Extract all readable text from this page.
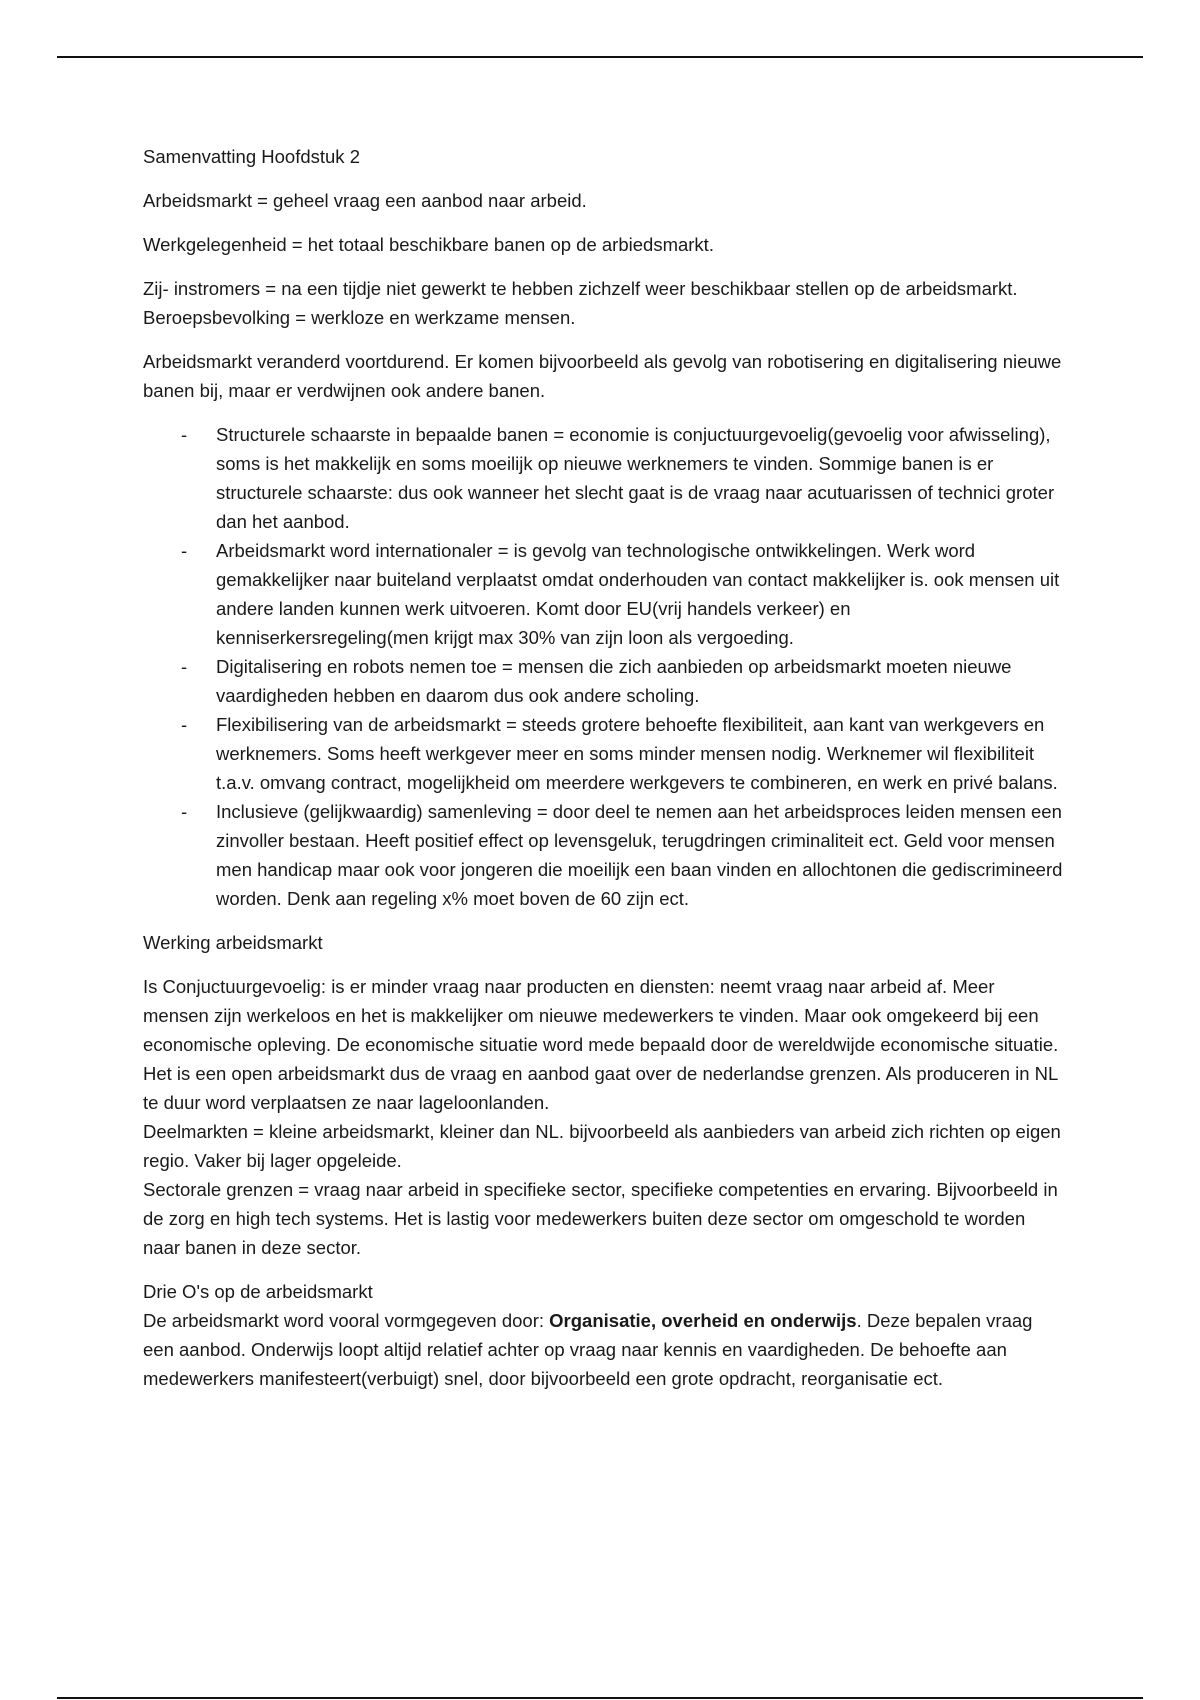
Samenvatting Hoofdstuk 2

Arbeidsmarkt = geheel vraag een aanbod naar arbeid.

Werkgelegenheid = het totaal beschikbare banen op de arbiedsmarkt.

Zij- instromers = na een tijdje niet gewerkt te hebben zichzelf weer beschikbaar stellen op de arbeidsmarkt.
Beroepsbevolking = werkloze en werkzame mensen.

Arbeidsmarkt veranderd voortdurend. Er komen bijvoorbeeld als gevolg van robotisering en digitalisering nieuwe banen bij, maar er verdwijnen ook andere banen.

- Structurele schaarste in bepaalde banen = economie is conjuctuurgevoelig(gevoelig voor afwisseling), soms is het makkelijk en soms moeilijk op nieuwe werknemers te vinden. Sommige banen is er structurele schaarste: dus ook wanneer het slecht gaat is de vraag naar acutuarissen of technici groter dan het aanbod.
- Arbeidsmarkt word internationaler = is gevolg van technologische ontwikkelingen. Werk word gemakkelijker naar buiteland verplaatst omdat onderhouden van contact makkelijker is. ook mensen uit andere landen kunnen werk uitvoeren. Komt door EU(vrij handels verkeer) en kenniserkersregeling(men krijgt max 30% van zijn loon als vergoeding.
- Digitalisering en robots nemen toe = mensen die zich aanbieden op arbeidsmarkt moeten nieuwe vaardigheden hebben en daarom dus ook andere scholing.
- Flexibilisering van de arbeidsmarkt = steeds grotere behoefte flexibiliteit, aan kant van werkgevers en werknemers. Soms heeft werkgever meer en soms minder mensen nodig. Werknemer wil flexibiliteit t.a.v. omvang contract, mogelijkheid om meerdere werkgevers te combineren, en werk en privé balans.
- Inclusieve (gelijkwaardig) samenleving = door deel te nemen aan het arbeidsproces leiden mensen een zinvoller bestaan. Heeft positief effect op levensgeluk, terugdringen criminaliteit ect. Geld voor mensen men handicap maar ook voor jongeren die moeilijk een baan vinden en allochtonen die gediscrimineerd worden. Denk aan regeling x% moet boven de 60 zijn ect.

Werking arbeidsmarkt

Is Conjuctuurgevoelig: is er minder vraag naar producten en diensten: neemt vraag naar arbeid af. Meer mensen zijn werkeloos en het is makkelijker om nieuwe medewerkers te vinden. Maar ook omgekeerd bij een economische opleving. De economische situatie word mede bepaald door de wereldwijde economische situatie. Het is een open arbeidsmarkt dus de vraag en aanbod gaat over de nederlandse grenzen. Als produceren in NL te duur word verplaatsen ze naar lageloonlanden.
Deelmarkten = kleine arbeidsmarkt, kleiner dan NL. bijvoorbeeld als aanbieders van arbeid zich richten op eigen regio. Vaker bij lager opgeleide.
Sectorale grenzen = vraag naar arbeid in specifieke sector, specifieke competenties en ervaring. Bijvoorbeeld in de zorg en high tech systems. Het is lastig voor medewerkers buiten deze sector om omgeschold te worden naar banen in deze sector.

Drie O's op de arbeidsmarkt
De arbeidsmarkt word vooral vormgegeven door: Organisatie, overheid en onderwijs. Deze bepalen vraag een aanbod. Onderwijs loopt altijd relatief achter op vraag naar kennis en vaardigheden. De behoefte aan medewerkers manifesteert(verbuigt) snel, door bijvoorbeeld een grote opdracht, reorganisatie ect.
